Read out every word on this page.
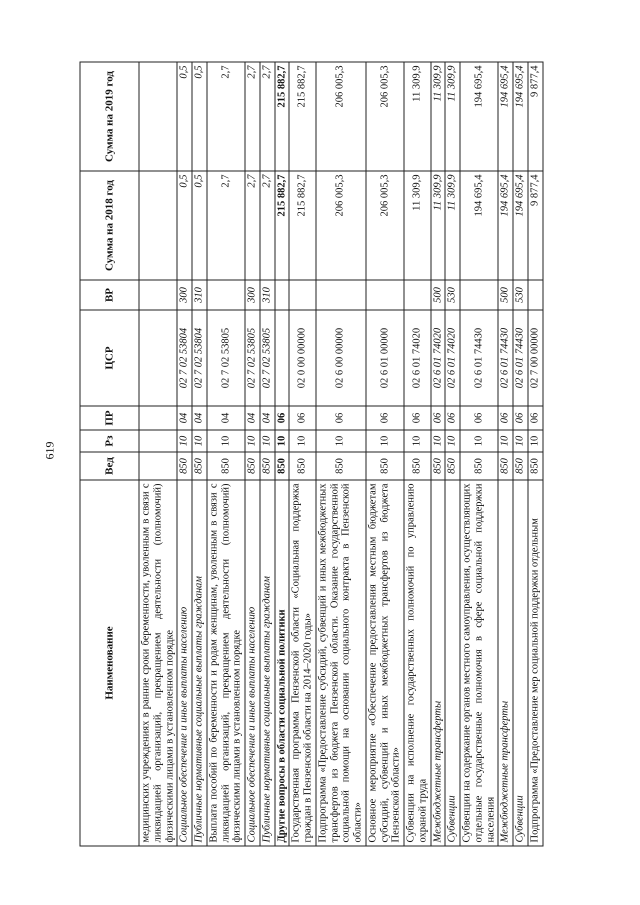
619
Наименование	Вед	Рз	ПР	ЦСР	ВР	Сумма на 2018 год	Сумма на 2019 год
медицинских учреждениях в ранние сроки беременности, уволенным в связи с ликвидацией организаций, прекращением деятельности (полномочий) физическими лицами в установленном порядке							
Социальное обеспечение и иные выплаты населению	850	10	04	02 7 02 53804	300	0,5	0,5
Публичные нормативные социальные выплаты гражданам	850	10	04	02 7 02 53804	310	0,5	0,5
Выплата пособий по беременности и родам женщинам, уволенным в связи с ликвидацией организаций, прекращением деятельности (полномочий) физическими лицами в установленном порядке	850	10	04	02 7 02 53805		2,7	2,7
Социальное обеспечение и иные выплаты населению	850	10	04	02 7 02 53805	300	2,7	2,7
Публичные нормативные социальные выплаты гражданам	850	10	04	02 7 02 53805	310	2,7	2,7
Другие вопросы в области социальной политики	850	10	06			215 882,7	215 882,7
Государственная программа Пензенской области «Социальная поддержка граждан в Пензенской области на 2014–2020 годы»	850	10	06	02 0 00 00000		215 882,7	215 882,7
Подпрограмма «Предоставление субсидий, субвенций и иных межбюджетных трансфертов из бюджета Пензенской области. Оказание государственной социальной помощи на основании социального контракта в Пензенской области»	850	10	06	02 6 00 00000		206 005,3	206 005,3
Основное мероприятие «Обеспечение предоставления местным бюджетам субсидий, субвенций и иных межбюджетных трансфертов из бюджета Пензенской области»	850	10	06	02 6 01 00000		206 005,3	206 005,3
Субвенции на исполнение государственных полномочий по управлению охраной труда	850	10	06	02 6 01 74020		11 309,9	11 309,9
Межбюджетные трансферты	850	10	06	02 6 01 74020	500	11 309,9	11 309,9
Субвенции	850	10	06	02 6 01 74020	530	11 309,9	11 309,9
Субвенции на содержание органов местного самоуправления, осуществляющих отдельные государственные полномочия в сфере социальной поддержки населения	850	10	06	02 6 01 74430		194 695,4	194 695,4
Межбюджетные трансферты	850	10	06	02 6 01 74430	500	194 695,4	194 695,4
Субвенции	850	10	06	02 6 01 74430	530	194 695,4	194 695,4
Подпрограмма «Предоставление мер социальной поддержки отдельным	850	10	06	02 7 00 00000		9 877,4	9 877,4
